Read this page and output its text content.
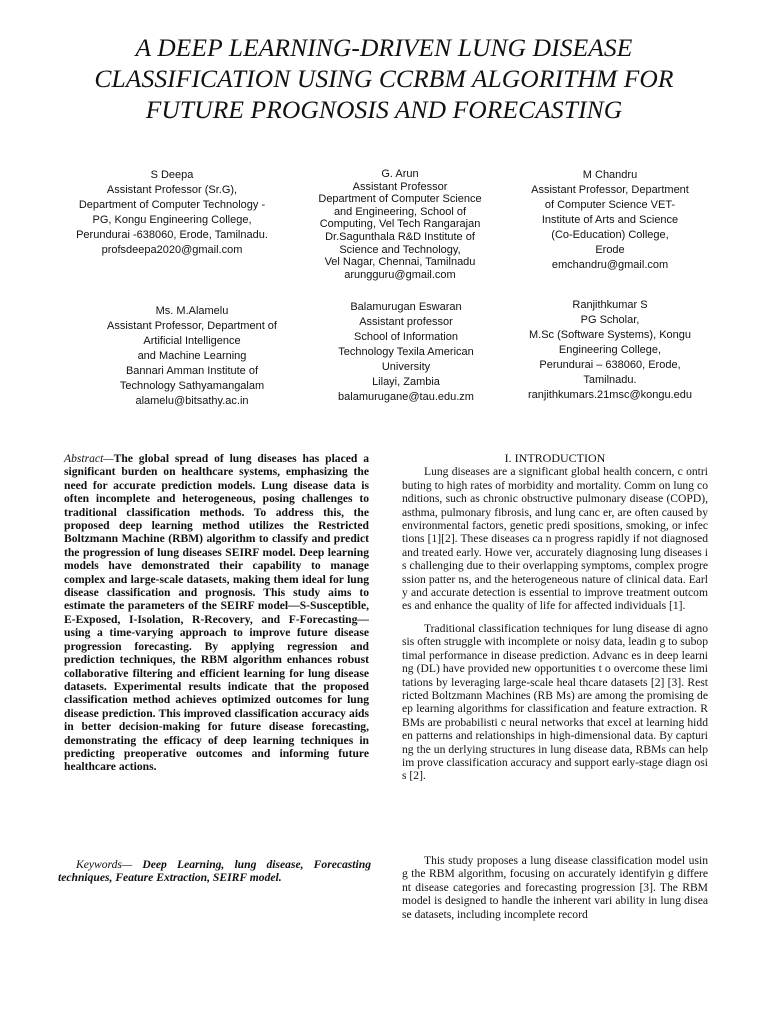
A DEEP LEARNING-DRIVEN LUNG DISEASE
CLASSIFICATION USING CCRBM ALGORITHM FOR
FUTURE PROGNOSIS AND FORECASTING
S Deepa
Assistant Professor (Sr.G),
Department of Computer Technology -
PG, Kongu Engineering College,
Perundurai -638060, Erode, Tamilnadu.
profsdeepa2020@gmail.com
G. Arun
Assistant Professor
Department of Computer Science
and Engineering, School of
Computing, Vel Tech Rangarajan
Dr.Sagunthala R&D Institute of
Science and Technology,
Vel Nagar, Chennai, Tamilnadu
arungguru@gmail.com
M Chandru
Assistant Professor, Department
of Computer Science VET-
Institute of Arts and Science
(Co-Education) College,
Erode
emchandru@gmail.com
Ms. M.Alamelu
Assistant Professor, Department of
Artificial Intelligence
and Machine Learning
Bannari Amman Institute of
Technology Sathyamangalam
alamelu@bitsathy.ac.in
Balamurugan Eswaran
Assistant professor
School of Information
Technology Texila American
University
Lilayi, Zambia
balamurugane@tau.edu.zm
Ranjithkumar S
PG Scholar,
M.Sc (Software Systems), Kongu
Engineering College,
Perundurai – 638060, Erode,
Tamilnadu.
ranjithkumars.21msc@kongu.edu

Abstract—The global spread of lung diseases has placed a significant burden on healthcare systems, emphasizing the need for accurate prediction models. Lung disease data is often incomplete and heterogeneous, posing challenges to traditional classification methods. To address this, the proposed deep learning method utilizes the Restricted Boltzmann Machine (RBM) algorithm to classify and predict the progression of lung diseases SEIRF model. Deep learning models have demonstrated their capability to manage complex and large-scale datasets, making them ideal for lung disease classification and prognosis. This study aims to estimate the parameters of the SEIRF model—S-Susceptible, E-Exposed, I-Isolation, R-Recovery, and F-Forecasting—using a time-varying approach to improve future disease progression forecasting. By applying regression and prediction techniques, the RBM algorithm enhances robust collaborative filtering and efficient learning for lung disease datasets. Experimental results indicate that the proposed classification method achieves optimized outcomes for lung disease prediction. This improved classification accuracy aids in better decision-making for future disease forecasting, demonstrating the efficacy of deep learning techniques in predicting preoperative outcomes and informing future healthcare actions.

Keywords— Deep Learning, lung disease, Forecasting techniques, Feature Extraction, SEIRF model.

I. INTRODUCTION

Lung diseases are a significant global health concern, c ontributing to high rates of morbidity and mortality. Comm on lung conditions, such as chronic obstructive pulmonary disease (COPD), asthma, pulmonary fibrosis, and lung canc er, are often caused by environmental factors, genetic predi spositions, smoking, or infections [1][2]. These diseases ca n progress rapidly if not diagnosed and treated early. Howe ver, accurately diagnosing lung diseases is challenging due to their overlapping symptoms, complex progression patter ns, and the heterogeneous nature of clinical data. Early and accurate detection is essential to improve treatment outcom es and enhance the quality of life for affected individuals [1].

Traditional classification techniques for lung disease di agnosis often struggle with incomplete or noisy data, leadin g to suboptimal performance in disease prediction. Advanc es in deep learning (DL) have provided new opportunities t o overcome these limitations by leveraging large-scale heal thcare datasets [2] [3]. Restricted Boltzmann Machines (RB Ms) are among the promising deep learning algorithms for classification and feature extraction. RBMs are probabilisti c neural networks that excel at learning hidden patterns and relationships in high-dimensional data. By capturing the un derlying structures in lung disease data, RBMs can help im prove classification accuracy and support early-stage diagn osis [2].

This study proposes a lung disease classification model using the RBM algorithm, focusing on accurately identifyin g different disease categories and forecasting progression [3]. The RBM model is designed to handle the inherent vari ability in lung disease datasets, including incomplete record
